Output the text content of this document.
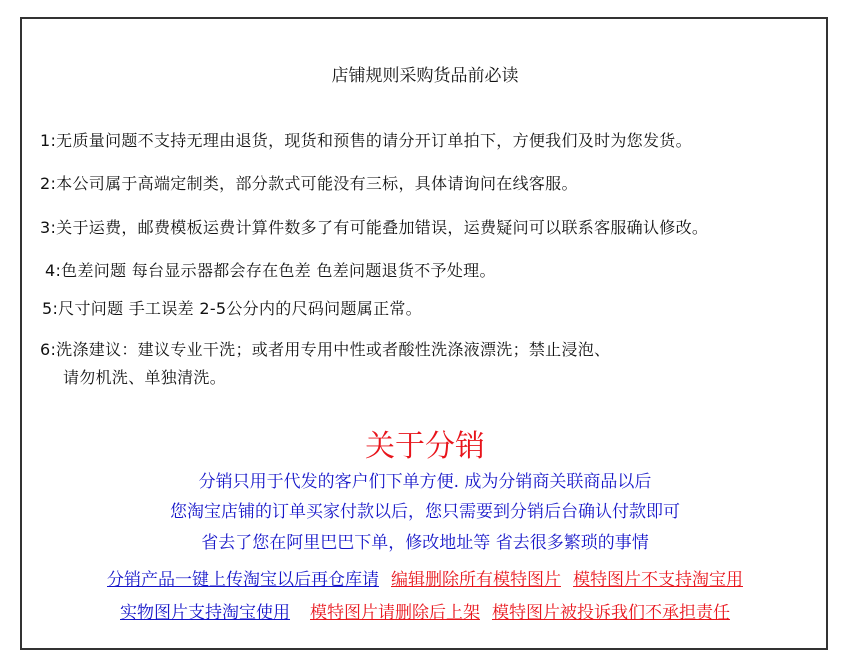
店铺规则采购货品前必读
1:无质量问题不支持无理由退货，现货和预售的请分开订单拍下，方便我们及时为您发货。
2:本公司属于高端定制类，部分款式可能没有三标，具体请询问在线客服。
3:关于运费，邮费模板运费计算件数多了有可能叠加错误，运费疑问可以联系客服确认修改。
4:色差问题 每台显示器都会存在色差 色差问题退货不予处理。
5:尺寸问题 手工误差 2-5公分内的尺码问题属正常。
6:洗涤建议：建议专业干洗；或者用专用中性或者酸性洗涤液漂洗；禁止浸泡、
请勿机洗、单独清洗。
关于分销
分销只用于代发的客户们下单方便. 成为分销商关联商品以后
您淘宝店铺的订单买家付款以后，您只需要到分销后台确认付款即可
省去了您在阿里巴巴下单，修改地址等 省去很多繁琐的事情
分销产品一键上传淘宝以后再仓库请 编辑删除所有模特图片 模特图片不支持淘宝用
实物图片支持淘宝使用 模特图片请删除后上架 模特图片被投诉我们不承担责任
